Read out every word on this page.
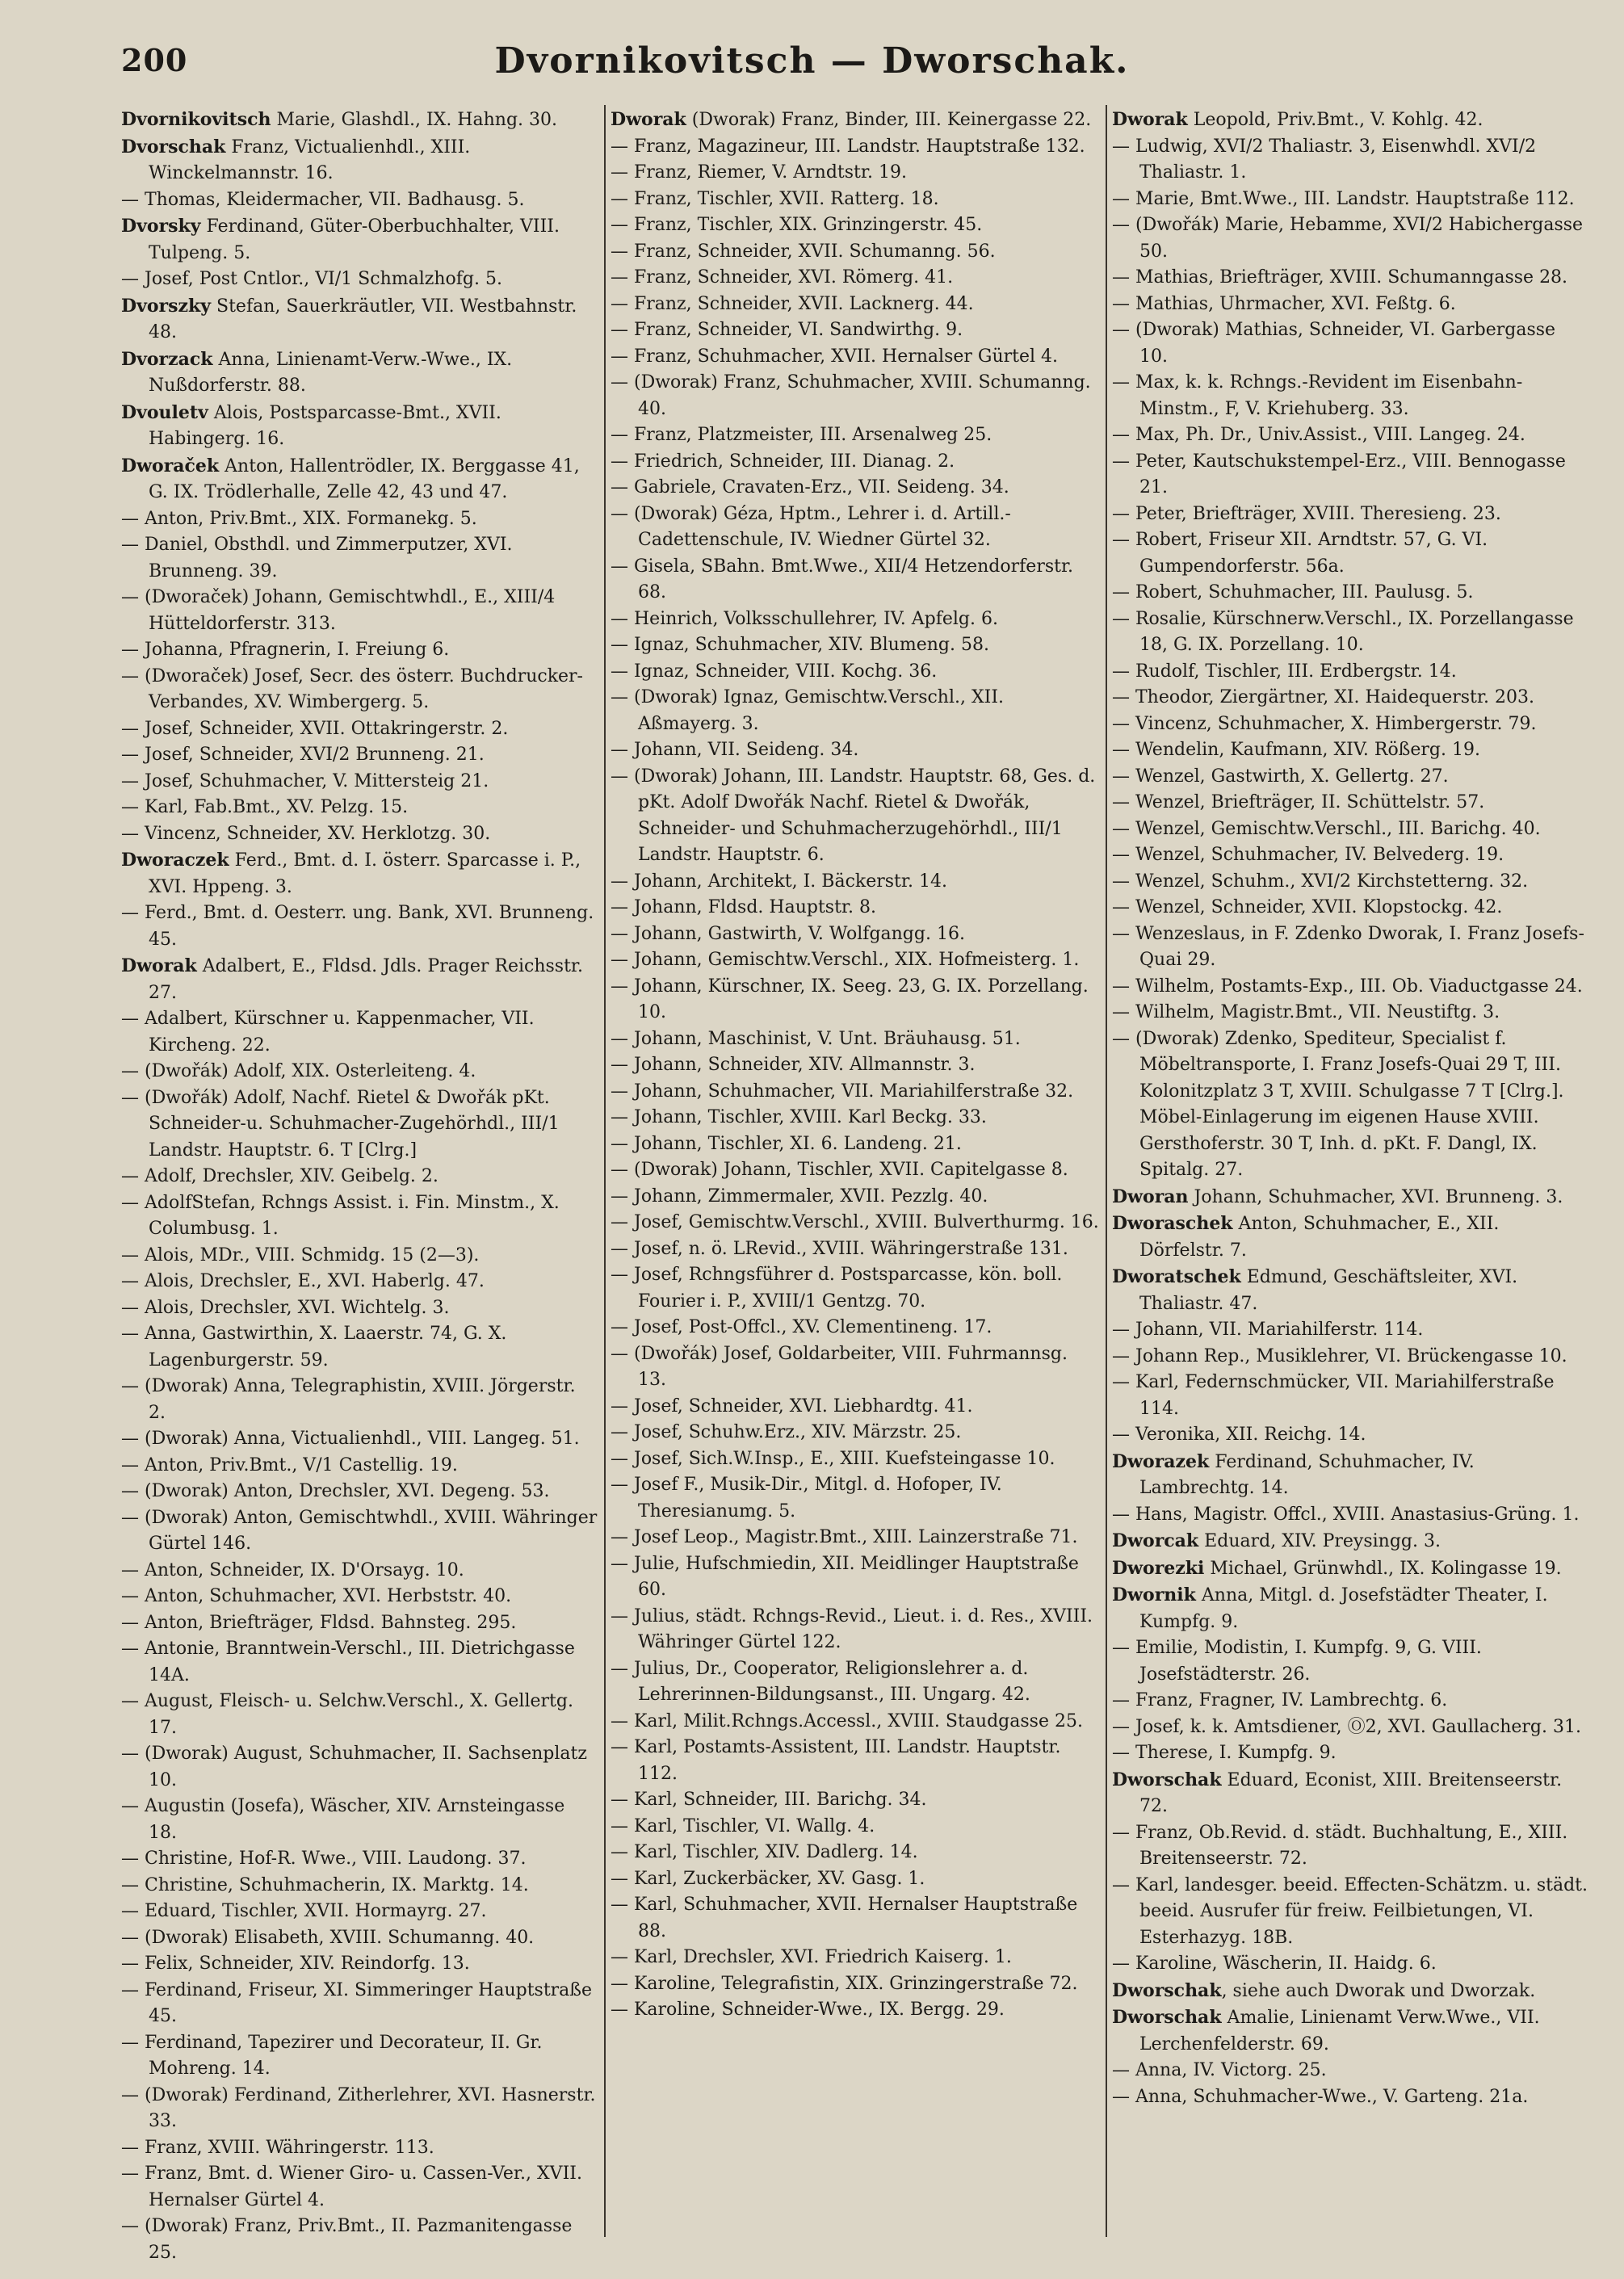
200	Dvornikovitsch — Dworschak.
Dvornikovitsch Marie, Glashdl., IX. Hahng. 30.
Dvorschak Franz, Victualienhdl., XIII. Winckelmannstr. 16.
— Thomas, Kleidermacher, VII. Badhausg. 5.
Dvorsky Ferdinand, Güter-Oberbuchhalter, VIII. Tulpeng. 5.
— Josef, Post Cntlor., VI/1 Schmalzhofg. 5.
Dvorszky Stefan, Sauerkräutler, VII. Westbahnstr. 48.
Dvorzack Anna, Linienamt-Verw.-Wwe., IX. Nußdorferstr. 88.
Dvouletv Alois, Postsparcasse-Bmt., XVII. Habingerg. 16.
Dworaček Anton, Hallentrödler, IX. Berggasse 41, G. IX. Trödlerhalle, Zelle 42, 43 und 47.
— Anton, Priv.Bmt., XIX. Formanekg. 5.
— Daniel, Obsthdl. und Zimmerputzer, XVI. Brunneng. 39.
— (Dworaček) Johann, Gemischtwhdl., E., XIII/4 Hütteldorferstr. 313.
— Johanna, Pfragnerin, I. Freiung 6.
— (Dworaček) Josef, Secr. des österr. Buchdrucker-Verbandes, XV. Wimbergerg. 5.
— Josef, Schneider, XVII. Ottakringerstr. 2.
— Josef, Schneider, XVI/2 Brunneng. 21.
— Josef, Schuhmacher, V. Mittersteig 21.
— Karl, Fab.Bmt., XV. Pelzg. 15.
— Vincenz, Schneider, XV. Herklotzg. 30.
Dworaczek Ferd., Bmt. d. I. österr. Sparcasse i. P., XVI. Hppeng. 3.
— Ferd., Bmt. d. Oesterr. ung. Bank, XVI. Brunneng. 45.
Dworak Adalbert, E., Fldsd. Jdls. Prager Reichsstr. 27.
— Adalbert, Kürschner u. Kappenmacher, VII. Kircheng. 22.
— (Dwořák) Adolf, XIX. Osterleiteng. 4.
— (Dwořák) Adolf, Nachf. Rietel & Dwořák pKt. Schneider-u. Schuhmacher-Zugehörhdl., III/1 Landstr. Hauptstr. 6. T [Clrg.]
— Adolf, Drechsler, XIV. Geibelg. 2.
— AdolfStefan, Rchngs Assist. i. Fin. Minstm., X. Columbusg. 1.
— Alois, MDr., VIII. Schmidg. 15 (2—3).
— Alois, Drechsler, E., XVI. Haberlg. 47.
— Alois, Drechsler, XVI. Wichtelg. 3.
— Anna, Gastwirthin, X. Laaerstr. 74, G. X. Lagenburgerstr. 59.
— (Dworak) Anna, Telegraphistin, XVIII. Jörgerstr. 2.
— (Dworak) Anna, Victualienhdl., VIII. Langeg. 51.
— Anton, Priv.Bmt., V/1 Castellig. 19.
— (Dworak) Anton, Drechsler, XVI. Degeng. 53.
— (Dworak) Anton, Gemischtwhdl., XVIII. Währinger Gürtel 146.
— Anton, Schneider, IX. D'Orsayg. 10.
— Anton, Schuhmacher, XVI. Herbststr. 40.
— Anton, Briefträger, Fldsd. Bahnsteg. 295.
— Antonie, Branntwein-Verschl., III. Dietrichgasse 14A.
— August, Fleisch- u. Selchw.Verschl., X. Gellertg. 17.
— (Dworak) August, Schuhmacher, II. Sachsenplatz 10.
— Augustin (Josefa), Wäscher, XIV. Arnsteingasse 18.
— Christine, Hof-R. Wwe., VIII. Laudong. 37.
— Christine, Schuhmacherin, IX. Marktg. 14.
— Eduard, Tischler, XVII. Hormayrg. 27.
— (Dworak) Elisabeth, XVIII. Schumanng. 40.
— Felix, Schneider, XIV. Reindorfg. 13.
— Ferdinand, Friseur, XI. Simmeringer Hauptstraße 45.
— Ferdinand, Tapezirer und Decorateur, II. Gr. Mohreng. 14.
— (Dworak) Ferdinand, Zitherlehrer, XVI. Hasnerstr. 33.
— Franz, XVIII. Währingerstr. 113.
— Franz, Bmt. d. Wiener Giro- u. Cassen-Ver., XVII. Hernalser Gürtel 4.
— (Dworak) Franz, Priv.Bmt., II. Pazmanitengasse 25.
Dworak (Dworak) Franz, Binder, III. Keinergasse 22.
— Franz, Magazineur, III. Landstr. Hauptstraße 132.
— Franz, Riemer, V. Arndtstr. 19.
— Franz, Tischler, XVII. Ratterg. 18.
— Franz, Tischler, XIX. Grinzingerstr. 45.
— Franz, Schneider, XVII. Schumanng. 56.
— Franz, Schneider, XVI. Römerg. 41.
— Franz, Schneider, XVII. Lacknerg. 44.
— Franz, Schneider, VI. Sandwirthg. 9.
— Franz, Schuhmacher, XVII. Hernalser Gürtel 4.
— (Dworak) Franz, Schuhmacher, XVIII. Schumanng. 40.
— Franz, Platzmeister, III. Arsenalweg 25.
— Friedrich, Schneider, III. Dianag. 2.
— Gabriele, Cravaten-Erz., VII. Seideng. 34.
— (Dworak) Géza, Hptm., Lehrer i. d. Artill.-Cadettenschule, IV. Wiedner Gürtel 32.
— Gisela, SBahn. Bmt.Wwe., XII/4 Hetzendorferstr. 68.
— Heinrich, Volksschullehrer, IV. Apfelg. 6.
— Ignaz, Schuhmacher, XIV. Blumeng. 58.
— Ignaz, Schneider, VIII. Kochg. 36.
— (Dworak) Ignaz, Gemischtw.Verschl., XII. Aßmayerg. 3.
— Johann, VII. Seideng. 34.
— (Dworak) Johann, III. Landstr. Hauptstr. 68, Ges. d. pKt. Adolf Dwořák Nachf. Rietel & Dwořák, Schneider- und Schuhmacherzugehörhdl., III/1 Landstr. Hauptstr. 6.
— Johann, Architekt, I. Bäckerstr. 14.
— Johann, Fldsd. Hauptstr. 8.
— Johann, Gastwirth, V. Wolfgangg. 16.
— Johann, Gemischtw.Verschl., XIX. Hofmeisterg. 1.
— Johann, Kürschner, IX. Seeg. 23, G. IX. Porzellang. 10.
— Johann, Maschinist, V. Unt. Bräuhausg. 51.
— Johann, Schneider, XIV. Allmannstr. 3.
— Johann, Schuhmacher, VII. Mariahilferstraße 32.
— Johann, Tischler, XVIII. Karl Beckg. 33.
— Johann, Tischler, XI. 6. Landeng. 21.
— (Dworak) Johann, Tischler, XVII. Capitelgasse 8.
— Johann, Zimmermaler, XVII. Pezzlg. 40.
— Josef, Gemischtw.Verschl., XVIII. Bulverthurmg. 16.
— Josef, n. ö. LRevid., XVIII. Währingerstraße 131.
— Josef, Rchngsführer d. Postsparcasse, kön. boll. Fourier i. P., XVIII/1 Gentzg. 70.
— Josef, Post-Offcl., XV. Clementineng. 17.
— (Dwořák) Josef, Goldarbeiter, VIII. Fuhrmannsg. 13.
— Josef, Schneider, XVI. Liebhardtg. 41.
— Josef, Schuhw.Erz., XIV. Märzstr. 25.
— Josef, Sich.W.Insp., E., XIII. Kuefsteingasse 10.
— Josef F., Musik-Dir., Mitgl. d. Hofoper, IV. Theresianumg. 5.
— Josef Leop., Magistr.Bmt., XIII. Lainzerstraße 71.
— Julie, Hufschmiedin, XII. Meidlinger Hauptstraße 60.
— Julius, städt. Rchngs-Revid., Lieut. i. d. Res., XVIII. Währinger Gürtel 122.
— Julius, Dr., Cooperator, Religionslehrer a. d. Lehrerinnen-Bildungsanst., III. Ungarg. 42.
— Karl, Milit.Rchngs.Accessl., XVIII. Staudgasse 25.
— Karl, Postamts-Assistent, III. Landstr. Hauptstr. 112.
— Karl, Schneider, III. Barichg. 34.
— Karl, Tischler, VI. Wallg. 4.
— Karl, Tischler, XIV. Dadlerg. 14.
— Karl, Zuckerbäcker, XV. Gasg. 1.
— Karl, Schuhmacher, XVII. Hernalser Hauptstraße 88.
— Karl, Drechsler, XVI. Friedrich Kaiserg. 1.
— Karoline, Telegrafistin, XIX. Grinzingerstraße 72.
— Karoline, Schneider-Wwe., IX. Bergg. 29.
Dworak Leopold, Priv.Bmt., V. Kohlg. 42.
— Ludwig, XVI/2 Thaliastr. 3, Eisenwhdl. XVI/2 Thaliastr. 1.
— Marie, Bmt.Wwe., III. Landstr. Hauptstraße 112.
— (Dwořák) Marie, Hebamme, XVI/2 Habichergasse 50.
— Mathias, Briefträger, XVIII. Schumanngasse 28.
— Mathias, Uhrmacher, XVI. Feßtg. 6.
— (Dworak) Mathias, Schneider, VI. Garbergasse 10.
— Max, k. k. Rchngs.-Revident im Eisenbahn-Minstm., F, V. Kriehuberg. 33.
— Max, Ph. Dr., Univ.Assist., VIII. Langeg. 24.
— Peter, Kautschukstempel-Erz., VIII. Bennogasse 21.
— Peter, Briefträger, XVIII. Theresieng. 23.
— Robert, Friseur XII. Arndtstr. 57, G. VI. Gumpendorferstr. 56a.
— Robert, Schuhmacher, III. Paulusg. 5.
— Rosalie, Kürschnerw.Verschl., IX. Porzellangasse 18, G. IX. Porzellang. 10.
— Rudolf, Tischler, III. Erdbergstr. 14.
— Theodor, Ziergärtner, XI. Haidequerstr. 203.
— Vincenz, Schuhmacher, X. Himbergerstr. 79.
— Wendelin, Kaufmann, XIV. Rößerg. 19.
— Wenzel, Gastwirth, X. Gellertg. 27.
— Wenzel, Briefträger, II. Schüttelstr. 57.
— Wenzel, Gemischtw.Verschl., III. Barichg. 40.
— Wenzel, Schuhmacher, IV. Belvederg. 19.
— Wenzel, Schuhm., XVI/2 Kirchstetterng. 32.
— Wenzel, Schneider, XVII. Klopstockg. 42.
— Wenzeslaus, in F. Zdenko Dworak, I. Franz Josefs-Quai 29.
— Wilhelm, Postamts-Exp., III. Ob. Viaductgasse 24.
— Wilhelm, Magistr.Bmt., VII. Neustiftg. 3.
— (Dworak) Zdenko, Spediteur, Specialist f. Möbeltransporte, I. Franz Josefs-Quai 29 T, III. Kolonitzplatz 3 T, XVIII. Schulgasse 7 T [Clrg.]. Möbel-Einlagerung im eigenen Hause XVIII. Gersthoferstr. 30 T, Inh. d. pKt. F. Dangl, IX. Spitalg. 27.
Dworan Johann, Schuhmacher, XVI. Brunneng. 3.
Dworaschek Anton, Schuhmacher, E., XII. Dörfelstr. 7.
Dworatschek Edmund, Geschäftsleiter, XVI. Thaliastr. 47.
— Johann, VII. Mariahilferstr. 114.
— Johann Rep., Musiklehrer, VI. Brückengasse 10.
— Karl, Federnschmücker, VII. Mariahilferstraße 114.
— Veronika, XII. Reichg. 14.
Dworazek Ferdinand, Schuhmacher, IV. Lambrechtg. 14.
— Hans, Magistr. Offcl., XVIII. Anastasius-Grüng. 1.
Dworcak Eduard, XIV. Preysingg. 3.
Dworezki Michael, Grünwhdl., IX. Kolingasse 19.
Dwornik Anna, Mitgl. d. Josefstädter Theater, I. Kumpfg. 9.
— Emilie, Modistin, I. Kumpfg. 9, G. VIII. Josefstädterstr. 26.
— Franz, Fragner, IV. Lambrechtg. 6.
— Josef, k. k. Amtsdiener, Ⓞ2, XVI. Gaullacherg. 31.
— Therese, I. Kumpfg. 9.
Dworschak Eduard, Econist, XIII. Breitenseerstr. 72.
— Franz, Ob.Revid. d. städt. Buchhaltung, E., XIII. Breitenseerstr. 72.
— Karl, landesger. beeid. Effecten-Schätzm. u. städt. beeid. Ausrufer für freiw. Feilbietungen, VI. Esterhazyg. 18B.
— Karoline, Wäscherin, II. Haidg. 6.
Dworschak, siehe auch Dworak und Dworzak.
Dworschak Amalie, Linienamt Verw.Wwe., VII. Lerchenfelderstr. 69.
— Anna, IV. Victorg. 25.
— Anna, Schuhmacher-Wwe., V. Garteng. 21a.
